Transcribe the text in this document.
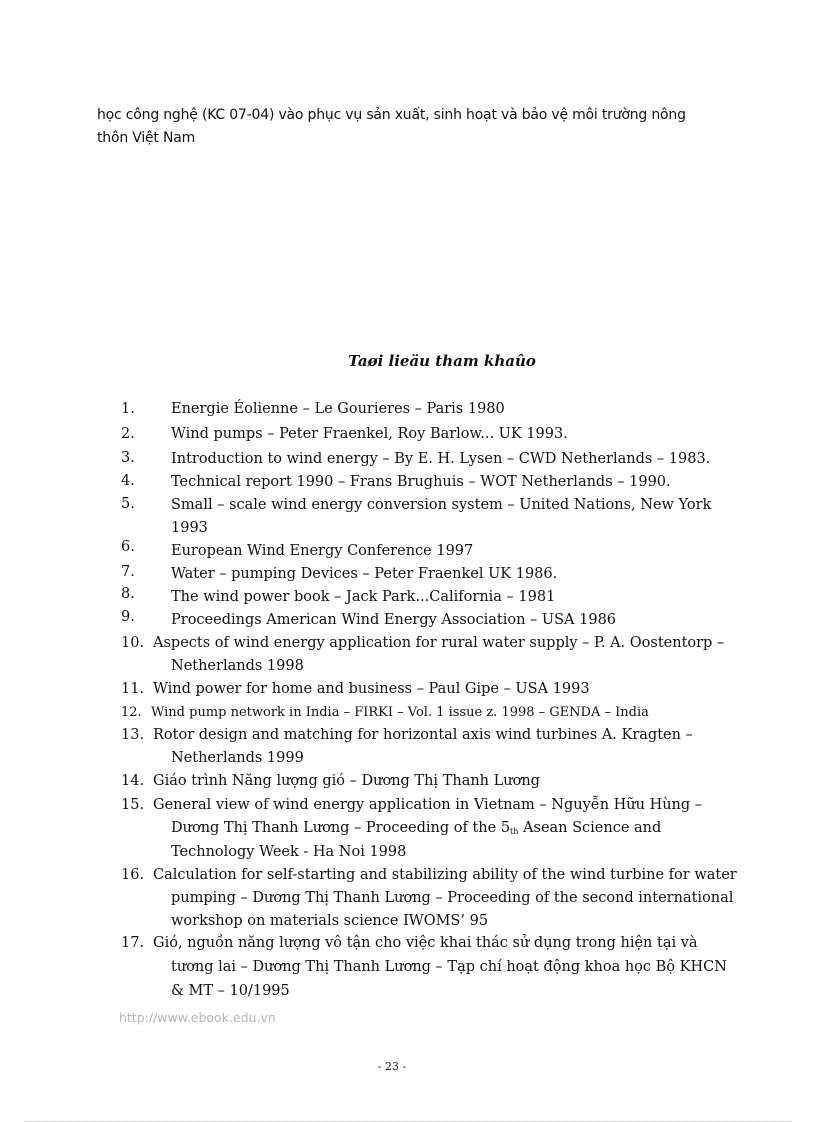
học công nghệ (KC 07-04) vào phục vụ sản xuất, sinh hoạt và bảo vệ môi trường nông
thôn Việt Nam
Taøi lieäu tham khaûo
1. Energie Éolienne – Le Gourieres – Paris 1980
2. Wind pumps – Peter Fraenkel, Roy Barlow... UK 1993.
3. Introduction to wind energy – By E. H. Lysen – CWD Netherlands – 1983.
4. Technical report 1990 – Frans Brughuis – WOT Netherlands – 1990.
5. Small – scale wind energy conversion system – United Nations, New York
1993
6. European Wind Energy Conference 1997
7. Water – pumping Devices – Peter Fraenkel UK 1986.
8. The wind power book – Jack Park...California – 1981
9. Proceedings American Wind Energy Association – USA 1986
10. Aspects of wind energy application for rural water supply – P. A. Oostentorp –
Netherlands 1998
11. Wind power for home and business – Paul Gipe – USA 1993
12. Wind pump network in India – FIRKI – Vol. 1 issue z. 1998 – GENDA – India
13. Rotor design and matching for horizontal axis wind turbines A. Kragten –
Netherlands 1999
14. Giáo trình Năng lượng gió – Dương Thị Thanh Lương
15. General view of wind energy application in Vietnam – Nguyễn Hữu Hùng –
Dương Thị Thanh Lương – Proceeding of the 5th Asean Science and
Technology Week - Ha Noi 1998
16. Calculation for self-starting and stabilizing ability of the wind turbine for water
pumping – Dương Thị Thanh Lương – Proceeding of the second international
workshop on materials science IWOMS’ 95
17. Gió, nguồn năng lượng vô tận cho việc khai thác sử dụng trong hiện tại và
tương lai – Dương Thị Thanh Lương – Tạp chí hoạt động khoa học Bộ KHCN
& MT – 10/1995
http://www.ebook.edu.vn
- 23 -
